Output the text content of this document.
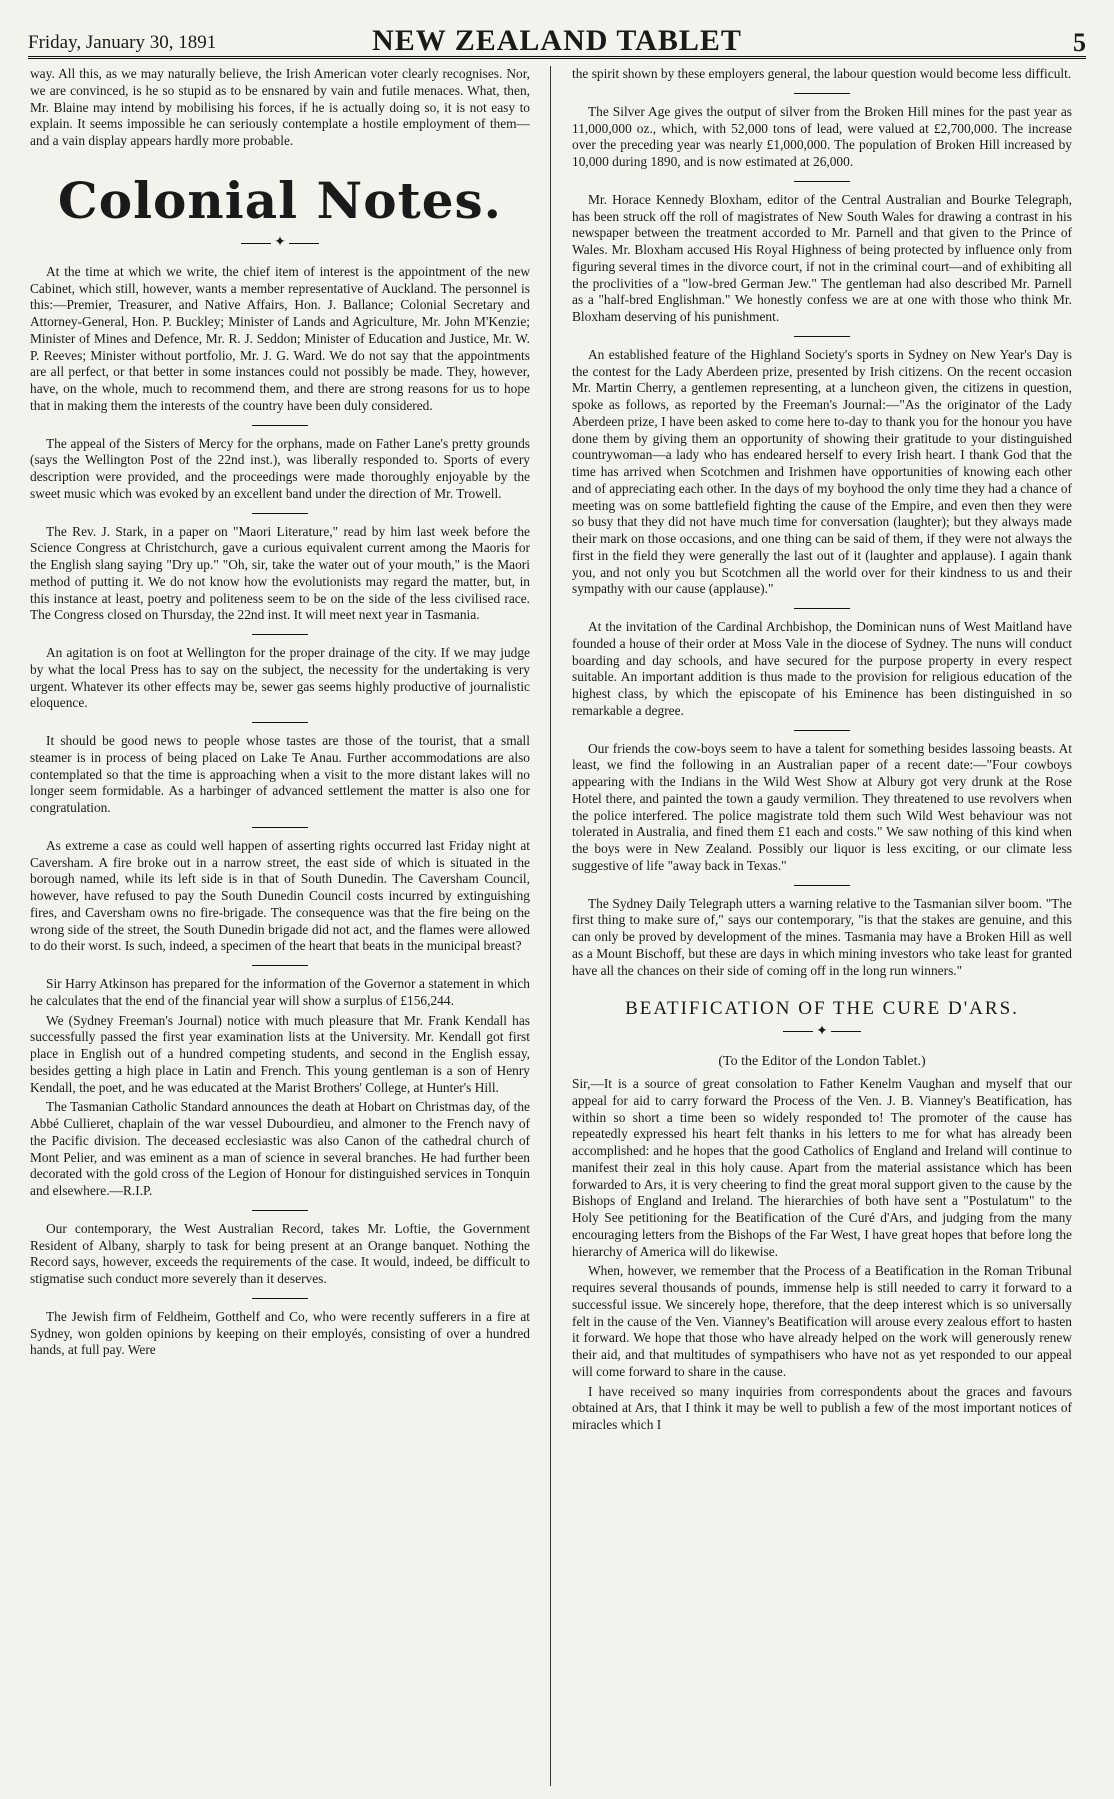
Friday, January 30, 1891	NEW ZEALAND TABLET	5

way. All this, as we may naturally believe, the Irish American voter clearly recognises. Nor, we are convinced, is he so stupid as to be ensnared by vain and futile menaces. What, then, Mr. Blaine may intend by mobilising his forces, if he is actually doing so, it is not easy to explain. It seems impossible he can seriously contemplate a hostile employment of them—and a vain display appears hardly more probable.

Colonial Notes.
✦

At the time at which we write, the chief item of interest is the appointment of the new Cabinet, which still, however, wants a member representative of Auckland. The personnel is this:—Premier, Treasurer, and Native Affairs, Hon. J. Ballance; Colonial Secretary and Attorney-General, Hon. P. Buckley; Minister of Lands and Agriculture, Mr. John M'Kenzie; Minister of Mines and Defence, Mr. R. J. Seddon; Minister of Education and Justice, Mr. W. P. Reeves; Minister without portfolio, Mr. J. G. Ward. We do not say that the appointments are all perfect, or that better in some instances could not possibly be made. They, however, have, on the whole, much to recommend them, and there are strong reasons for us to hope that in making them the interests of the country have been duly considered.

The appeal of the Sisters of Mercy for the orphans, made on Father Lane's pretty grounds (says the Wellington Post of the 22nd inst.), was liberally responded to. Sports of every description were provided, and the proceedings were made thoroughly enjoyable by the sweet music which was evoked by an excellent band under the direction of Mr. Trowell.

The Rev. J. Stark, in a paper on "Maori Literature," read by him last week before the Science Congress at Christchurch, gave a curious equivalent current among the Maoris for the English slang saying "Dry up." "Oh, sir, take the water out of your mouth," is the Maori method of putting it. We do not know how the evolutionists may regard the matter, but, in this instance at least, poetry and politeness seem to be on the side of the less civilised race. The Congress closed on Thursday, the 22nd inst. It will meet next year in Tasmania.

An agitation is on foot at Wellington for the proper drainage of the city. If we may judge by what the local Press has to say on the subject, the necessity for the undertaking is very urgent. Whatever its other effects may be, sewer gas seems highly productive of journalistic eloquence.

It should be good news to people whose tastes are those of the tourist, that a small steamer is in process of being placed on Lake Te Anau. Further accommodations are also contemplated so that the time is approaching when a visit to the more distant lakes will no longer seem formidable. As a harbinger of advanced settlement the matter is also one for congratulation.

As extreme a case as could well happen of asserting rights occurred last Friday night at Caversham. A fire broke out in a narrow street, the east side of which is situated in the borough named, while its left side is in that of South Dunedin. The Caversham Council, however, have refused to pay the South Dunedin Council costs incurred by extinguishing fires, and Caversham owns no fire-brigade. The consequence was that the fire being on the wrong side of the street, the South Dunedin brigade did not act, and the flames were allowed to do their worst. Is such, indeed, a specimen of the heart that beats in the municipal breast?

Sir Harry Atkinson has prepared for the information of the Governor a statement in which he calculates that the end of the financial year will show a surplus of £156,244.

We (Sydney Freeman's Journal) notice with much pleasure that Mr. Frank Kendall has successfully passed the first year examination lists at the University. Mr. Kendall got first place in English out of a hundred competing students, and second in the English essay, besides getting a high place in Latin and French. This young gentleman is a son of Henry Kendall, the poet, and he was educated at the Marist Brothers' College, at Hunter's Hill.

The Tasmanian Catholic Standard announces the death at Hobart on Christmas day, of the Abbé Cullieret, chaplain of the war vessel Dubourdieu, and almoner to the French navy of the Pacific division. The deceased ecclesiastic was also Canon of the cathedral church of Mont Pelier, and was eminent as a man of science in several branches. He had further been decorated with the gold cross of the Legion of Honour for distinguished services in Tonquin and elsewhere.—R.I.P.

Our contemporary, the West Australian Record, takes Mr. Loftie, the Government Resident of Albany, sharply to task for being present at an Orange banquet. Nothing the Record says, however, exceeds the requirements of the case. It would, indeed, be difficult to stigmatise such conduct more severely than it deserves.

The Jewish firm of Feldheim, Gotthelf and Co, who were recently sufferers in a fire at Sydney, won golden opinions by keeping on their employés, consisting of over a hundred hands, at full pay. Were

the spirit shown by these employers general, the labour question would become less difficult.

The Silver Age gives the output of silver from the Broken Hill mines for the past year as 11,000,000 oz., which, with 52,000 tons of lead, were valued at £2,700,000. The increase over the preceding year was nearly £1,000,000. The population of Broken Hill increased by 10,000 during 1890, and is now estimated at 26,000.

Mr. Horace Kennedy Bloxham, editor of the Central Australian and Bourke Telegraph, has been struck off the roll of magistrates of New South Wales for drawing a contrast in his newspaper between the treatment accorded to Mr. Parnell and that given to the Prince of Wales. Mr. Bloxham accused His Royal Highness of being protected by influence only from figuring several times in the divorce court, if not in the criminal court—and of exhibiting all the proclivities of a "low-bred German Jew." The gentleman had also described Mr. Parnell as a "half-bred Englishman." We honestly confess we are at one with those who think Mr. Bloxham deserving of his punishment.

An established feature of the Highland Society's sports in Sydney on New Year's Day is the contest for the Lady Aberdeen prize, presented by Irish citizens. On the recent occasion Mr. Martin Cherry, a gentlemen representing, at a luncheon given, the citizens in question, spoke as follows, as reported by the Freeman's Journal:—"As the originator of the Lady Aberdeen prize, I have been asked to come here to-day to thank you for the honour you have done them by giving them an opportunity of showing their gratitude to your distinguished countrywoman—a lady who has endeared herself to every Irish heart. I thank God that the time has arrived when Scotchmen and Irishmen have opportunities of knowing each other and of appreciating each other. In the days of my boyhood the only time they had a chance of meeting was on some battlefield fighting the cause of the Empire, and even then they were so busy that they did not have much time for conversation (laughter); but they always made their mark on those occasions, and one thing can be said of them, if they were not always the first in the field they were generally the last out of it (laughter and applause). I again thank you, and not only you but Scotchmen all the world over for their kindness to us and their sympathy with our cause (applause)."

At the invitation of the Cardinal Archbishop, the Dominican nuns of West Maitland have founded a house of their order at Moss Vale in the diocese of Sydney. The nuns will conduct boarding and day schools, and have secured for the purpose property in every respect suitable. An important addition is thus made to the provision for religious education of the highest class, by which the episcopate of his Eminence has been distinguished in so remarkable a degree.

Our friends the cow-boys seem to have a talent for something besides lassoing beasts. At least, we find the following in an Australian paper of a recent date:—"Four cowboys appearing with the Indians in the Wild West Show at Albury got very drunk at the Rose Hotel there, and painted the town a gaudy vermilion. They threatened to use revolvers when the police interfered. The police magistrate told them such Wild West behaviour was not tolerated in Australia, and fined them £1 each and costs." We saw nothing of this kind when the boys were in New Zealand. Possibly our liquor is less exciting, or our climate less suggestive of life "away back in Texas."

The Sydney Daily Telegraph utters a warning relative to the Tasmanian silver boom. "The first thing to make sure of," says our contemporary, "is that the stakes are genuine, and this can only be proved by development of the mines. Tasmania may have a Broken Hill as well as a Mount Bischoff, but these are days in which mining investors who take least for granted have all the chances on their side of coming off in the long run winners."

BEATIFICATION OF THE CURE D'ARS.
✦
(To the Editor of the London Tablet.)

Sir,—It is a source of great consolation to Father Kenelm Vaughan and myself that our appeal for aid to carry forward the Process of the Ven. J. B. Vianney's Beatification, has within so short a time been so widely responded to! The promoter of the cause has repeatedly expressed his heart felt thanks in his letters to me for what has already been accomplished: and he hopes that the good Catholics of England and Ireland will continue to manifest their zeal in this holy cause. Apart from the material assistance which has been forwarded to Ars, it is very cheering to find the great moral support given to the cause by the Bishops of England and Ireland. The hierarchies of both have sent a "Postulatum" to the Holy See petitioning for the Beatification of the Curé d'Ars, and judging from the many encouraging letters from the Bishops of the Far West, I have great hopes that before long the hierarchy of America will do likewise.

When, however, we remember that the Process of a Beatification in the Roman Tribunal requires several thousands of pounds, immense help is still needed to carry it forward to a successful issue. We sincerely hope, therefore, that the deep interest which is so universally felt in the cause of the Ven. Vianney's Beatification will arouse every zealous effort to hasten it forward. We hope that those who have already helped on the work will generously renew their aid, and that multitudes of sympathisers who have not as yet responded to our appeal will come forward to share in the cause.

I have received so many inquiries from correspondents about the graces and favours obtained at Ars, that I think it may be well to publish a few of the most important notices of miracles which I
